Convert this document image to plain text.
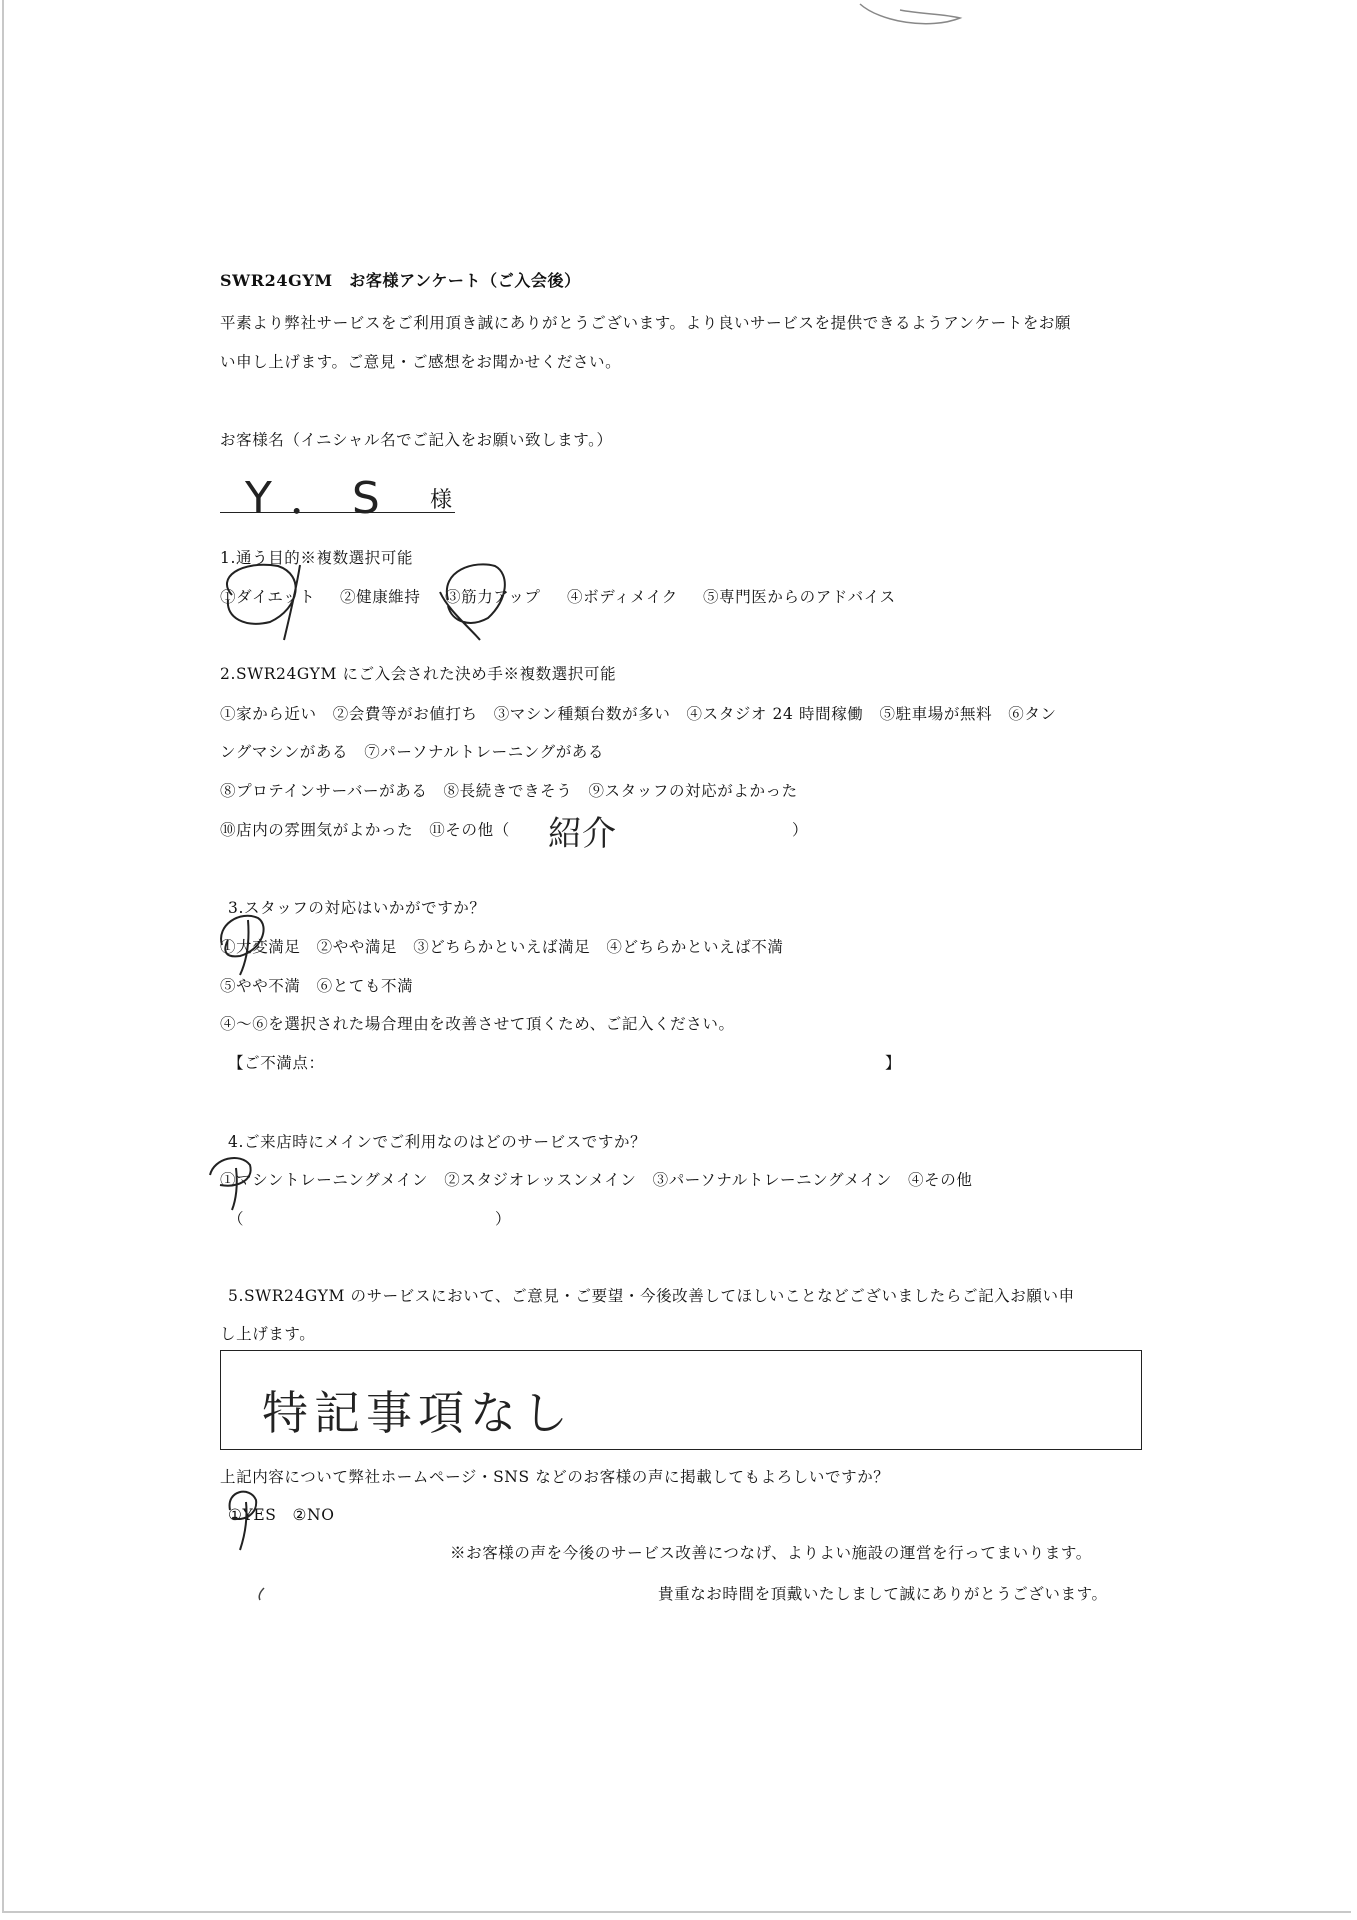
SWR24GYM　お客様アンケート（ご入会後）
平素より弊社サービスをご利用頂き誠にありがとうございます。より良いサービスを提供できるようアンケートをお願
い申し上げます。ご意見・ご感想をお聞かせください。
お客様名（イニシャル名でご記入をお願い致します。）
Y．S 様
1.通う目的※複数選択可能
①ダイエット ②健康維持 ③筋力アップ ④ボディメイク ⑤専門医からのアドバイス
2.SWR24GYM にご入会された決め手※複数選択可能
①家から近い　②会費等がお値打ち　③マシン種類台数が多い　④スタジオ 24 時間稼働　⑤駐車場が無料　⑥タン
ングマシンがある　⑦パーソナルトレーニングがある
⑧プロテインサーバーがある　⑧長続きできそう　⑨スタッフの対応がよかった
⑩店内の雰囲気がよかった　⑪その他（ 紹介	）
3.スタッフの対応はいかがですか？
①大変満足　②やや満足　③どちらかといえば満足　④どちらかといえば不満
⑤やや不満　⑥とても不満
④～⑥を選択された場合理由を改善させて頂くため、ご記入ください。
【ご不満点：	】
4.ご来店時にメインでご利用なのはどのサービスですか？
①マシントレーニングメイン　②スタジオレッスンメイン　③パーソナルトレーニングメイン　④その他
（	）
5.SWR24GYM のサービスにおいて、ご意見・ご要望・今後改善してほしいことなどございましたらご記入お願い申
し上げます。
特記事項なし
上記内容について弊社ホームページ・SNS などのお客様の声に掲載してもよろしいですか？
①YES　②NO
※お客様の声を今後のサービス改善につなげ、よりよい施設の運営を行ってまいります。
貴重なお時間を頂戴いたしまして誠にありがとうございます。
